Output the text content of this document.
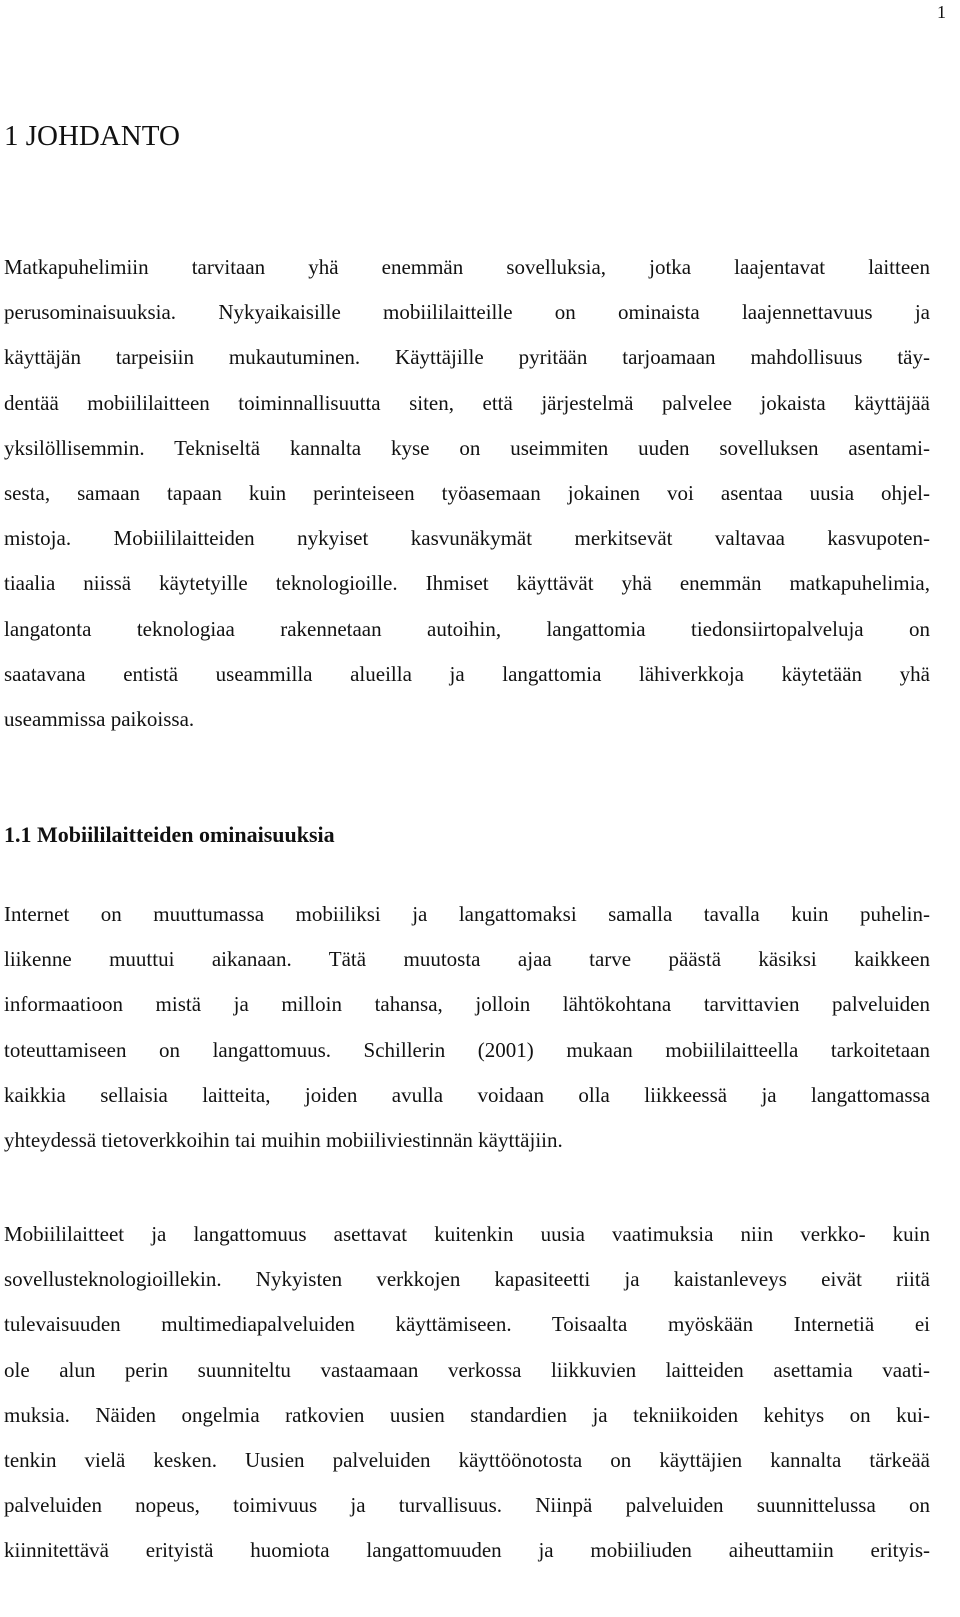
1
1 JOHDANTO
Matkapuhelimiin tarvitaan yhä enemmän sovelluksia, jotka laajentavat laitteen
perusominaisuuksia. Nykyaikaisille mobiililaitteille on ominaista laajennettavuus ja
käyttäjän tarpeisiin mukautuminen. Käyttäjille pyritään tarjoamaan mahdollisuus täy-
dentää mobiililaitteen toiminnallisuutta siten, että järjestelmä palvelee jokaista käyttäjää
yksilöllisemmin. Tekniseltä kannalta kyse on useimmiten uuden sovelluksen asentami-
sesta, samaan tapaan kuin perinteiseen työasemaan jokainen voi asentaa uusia ohjel-
mistoja. Mobiililaitteiden nykyiset kasvunäkymät merkitsevät valtavaa kasvupoten-
tiaalia niissä käytetyille teknologioille. Ihmiset käyttävät yhä enemmän matkapuhelimia,
langatonta teknologiaa rakennetaan autoihin, langattomia tiedonsiirtopalveluja on
saatavana entistä useammilla alueilla ja langattomia lähiverkkoja käytetään yhä
useammissa paikoissa.
1.1 Mobiililaitteiden ominaisuuksia
Internet on muuttumassa mobiiliksi ja langattomaksi samalla tavalla kuin puhelin-
liikenne muuttui aikanaan. Tätä muutosta ajaa tarve päästä käsiksi kaikkeen
informaatioon mistä ja milloin tahansa, jolloin lähtökohtana tarvittavien palveluiden
toteuttamiseen on langattomuus. Schillerin (2001) mukaan mobiililaitteella tarkoitetaan
kaikkia sellaisia laitteita, joiden avulla voidaan olla liikkeessä ja langattomassa
yhteydessä tietoverkkoihin tai muihin mobiiliviestinnän käyttäjiin.
Mobiililaitteet ja langattomuus asettavat kuitenkin uusia vaatimuksia niin verkko- kuin
sovellusteknologioillekin. Nykyisten verkkojen kapasiteetti ja kaistanleveys eivät riitä
tulevaisuuden multimediapalveluiden käyttämiseen. Toisaalta myöskään Internetiä ei
ole alun perin suunniteltu vastaamaan verkossa liikkuvien laitteiden asettamia vaati-
muksia. Näiden ongelmia ratkovien uusien standardien ja tekniikoiden kehitys on kui-
tenkin vielä kesken. Uusien palveluiden käyttöönotosta on käyttäjien kannalta tärkeää
palveluiden nopeus, toimivuus ja turvallisuus. Niinpä palveluiden suunnittelussa on
kiinnitettävä erityistä huomiota langattomuuden ja mobiiliuden aiheuttamiin erityis-
